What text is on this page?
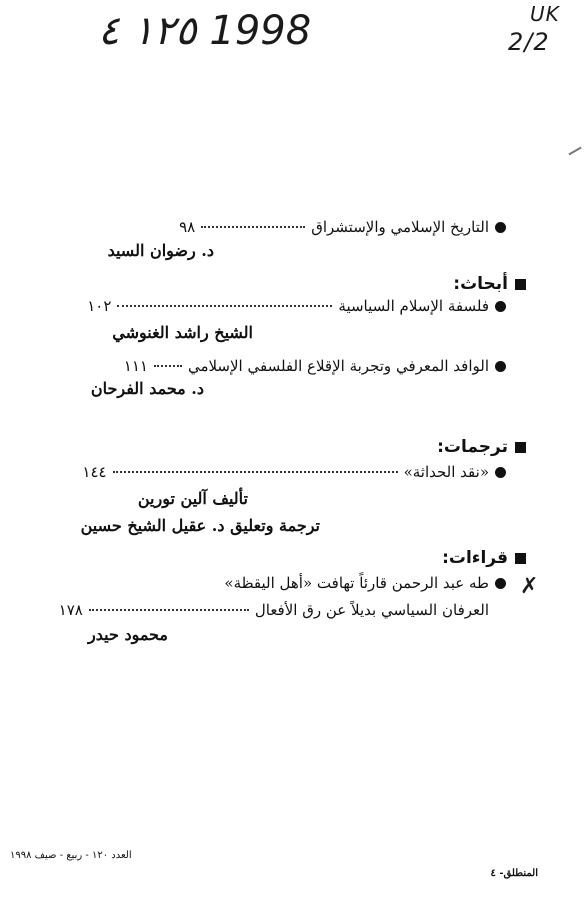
١٢٥ ٤ 1998	UK
2/2
التاريخ الإسلامي والإستشراق
٩٨
د. رضوان السيد
أبحاث:
فلسفة الإسلام السياسية
١٠٢
الشيخ راشد الغنوشي
الوافد المعرفي وتجربة الإقلاع الفلسفي الإسلامي
١١١
د. محمد الفرحان
ترجمات:
«نقد الحداثة»
١٤٤
تأليف آلين تورين
ترجمة وتعليق د. عقيل الشيخ حسين
قراءات:
طه عبد الرحمن قارئاً تهافت «أهل اليقظة» ✗
العرفان السياسي بديلاً عن رق الأفعال
١٧٨
محمود حيدر
العدد ١٢٠ - ربيع - صيف ١٩٩٨
المنطلق- ٤
